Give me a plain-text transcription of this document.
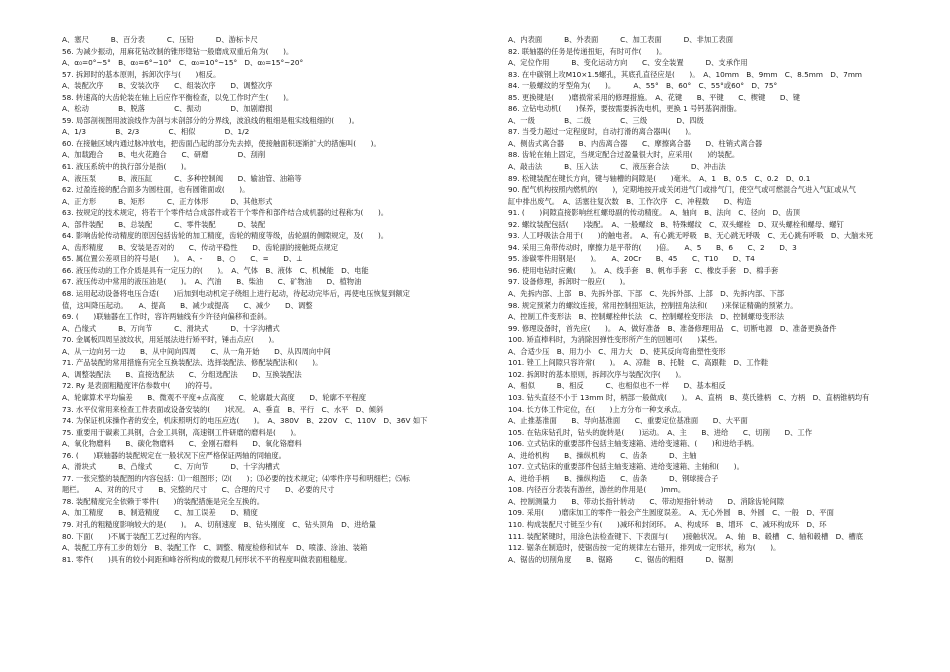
A、塞尺　　　B、百分表　　　C、压铅　　　D、游标卡尺
56. 为减少振动，用麻花钻改制的锥形锪钻一般磨成双重后角为(　　)。
A、α₀=0°~5°　B、α₀=6°~10°　C、α₀=10°~15°　D、α₀=15°~20°
57. 拆卸时的基本原则，拆卸次序与(　　)相反。
A、装配次序　　B、安装次序　　C、组装次序　　D、调整次序
58. 转速高的大齿轮装在轴上后应作平衡检查，以免工作时产生(　　)。
A、松动　　　　B、脱落　　　　C、振动　　　　D、加剧磨损
59. 局部剖视图用波浪线作为剖与未剖部分的分界线，波浪线的粗细是粗实线粗细的(　　)。
A、1/3　　　　B、2/3　　　　C、相似　　　　D、1/2
60. 在接触区域内通过脉冲放电，把齿面凸起的部分先去掉，使接触面积逐渐扩大的措施叫(　　)。
A、加载跑合　　B、电火花跑合　　C、研磨　　　　D、刮削
61. 液压系统中的执行部分是指(　　)。
A、液压泵　　　B、液压缸　　　C、多种控制阀　　D、输油管、油箱等
62. 过盈连接的配合面多为圆柱面，也有圆锥面或(　　)。
A、正方形　　　B、矩形　　　C、正方体形　　　D、其他形式
63. 按规定的技术规定，将若干个零件结合成部件或若干个零件和部件结合成机器的过程称为(　　)。
A、部件装配　　B、总装配　　　C、零件装配　　　D、装配
64. 影响齿轮传动精度的原因包括齿轮的加工精度，齿轮的精度等级，齿轮副的侧隙规定，及(　　)。
A、齿形精度　　B、安装是否对的　　C、传动平稳性　　D、齿轮副的接触斑点规定
65. 属位置公差项目的符号是(　　)。　A、-　　B、○　　C、=　　D、⊥
66. 液压传动的工作介质是具有一定压力的(　　)。　A、气体　B、液体　C、机械能　D、电能
67. 液压传动中常用的液压油是(　　)。　A、汽油　　B、柴油　　C、矿物油　　D、植物油
68. 运用起动设备将电压合适(　　)后加到电动机定子绕组上进行起动，待起动完毕后，再使电压恢复到额定
值，这叫降压起动。　　A、提高　　B、减少或提高　　C、减少　　D、调整
69. (　　)联轴器在工作时，容许两轴线有少许径向偏移和歪斜。
A、凸缘式　　　B、万向节　　　C、滑块式　　　D、十字沟槽式
70. 金属板四周呈波纹状，用延展法进行矫平时，锤击点应(　　)。
A、从一边向另一边　　B、从中间向四周　　C、从一角开始　　D、从四周向中间
71. 产品装配的常用措施有完全互换装配法、选择装配法、修配装配法和(　　)。
A、调整装配法　　B、直接选配法　　C、分组选配法　　D、互换装配法
72. Ry 是表面粗糙度评估参数中(　　)的符号。
A、轮廓算术平均偏差　　B、微观不平度+点高度　　C、轮廓最大高度　　D、轮廓不平程度
73. 水平仪常用来检查工件表面或设备安装的(　　)状况。　A、垂直　B、平行　C、水平　D、倾斜
74. 为保证机床操作者的安全，机床照明灯的电压应选(　　)。　A、380V　B、220V　C、110V　D、36V 如下
75. 重要用于碳素工具钢，合金工具钢，高速钢工件研磨的磨料是(　　)。
A、氧化物磨料　　B、碳化物磨料　　C、金刚石磨料　　D、氧化铬磨料
76. (　　)联轴器的装配规定在一般状况下应严格保证两轴的同轴度。
A、滑块式　　　B、凸缘式　　　C、万向节　　　D、十字沟槽式
77. 一张完整的装配图的内容包括：⑴一组图形；⑵(　　)；⑶必要的技术规定；⑷零件序号和明细栏；⑸标
题栏。　　A、对的的尺寸　　B、完整的尺寸　　C、合理的尺寸　　D、必要的尺寸
78. 装配精度完全依赖于零件(　　)的装配措施是完全互换的。
A、加工精度　　B、制造精度　　C、加工误差　　D、精度
79. 对孔的粗糙度影响较大的是(　　)。　A、切削速度　B、钻头刚度　C、钻头顶角　D、进给量
80. 下面(　　)不属于装配工艺过程的内容。
A、装配工序有工步的划分　B、装配工作　C、调整、精度检修和试车　D、喷漆、涂油、装箱
81. 零件(　　)具有的较小间距和峰谷所构成的微观几何形状不平的程度叫做表面粗糙度。
A、内表面　　　B、外表面　　　C、加工表面　　　D、非加工表面
82. 联轴器的任务是传递扭矩，有时可作(　　)。
A、定位作用　　　B、变化运动方向　　C、安全装置　　　D、支承作用
83. 在中碳钢上攻M10×1.5螺孔，其底孔直径应是(　　)。　A、10mm　B、9mm　C、8.5mm　D、7mm
84. 一般螺纹的牙型角为(　　)。　　　A、55°　B、60°　C、55°或60°　D、75°
85. 更换键是(　　)磨损常采用的修理措施。　A、花键　　B、平键　　C、楔键　　D、键
86. 立钻电动机(　　)保养，要按需要拆洗电机，更换 1 号钙基润滑脂。
A、一级　　　　B、二级　　　　C、三级　　　　D、四级
87. 当受力超过一定程度时，自动打滑的离合器叫(　　)。
A、侧齿式离合器　　B、内齿离合器　　C、摩擦离合器　　D、柱销式离合器
88. 齿轮在轴上固定，当规定配合过盈量很大时，应采用(　　)的装配。
A、敲击法　　　B、压入法　　　C、液压套合法　　　D、冲击法
89. 松键装配在键长方向，键与轴槽的间隙是(　　)毫米。　A、1　B、0.5　C、0.2　D、0.1
90. 配气机构按照内燃机的(　　)，定期地按开或关闭进气门或排气门，使空气或可燃混合气进入气缸或从气
缸中排出废气。　A、活塞往复次数　B、工作次序　C、冲程数　　D、构造
91. (　　)间隙直接影响丝杠螺母副的传动精度。　A、轴向　B、法向　C、径向　D、齿顶
92. 螺纹装配包括(　　)装配。　A、一般螺纹　B、特殊螺纹　C、双头螺栓　D、双头螺栓和螺母、螺钉
93. 人工呼吸法合用于(　　)的触电者。　A、有心跳无呼吸　B、无心跳无呼吸　C、无心跳有呼吸　D、大脑未死
94. 采用三角带传动时，摩擦力是平带的(　　)倍。　　A、5　　B、6　　C、2　　D、3
95. 渗碳零件用钢是(　　)。　　A、20Cr　　B、45　　C、T10　　D、T4
96. 使用电钻时应戴(　　)。　A、线手套　B、帆布手套　C、橡皮手套　D、棉手套
97. 设备修理，拆卸时一般应(　　)。
A、先拆内部、上部　B、先拆外部、下部　C、先拆外部、上部　D、先拆内部、下部
98. 规定预紧力的螺纹连接，常用控制扭矩法，控制扭角法和(　　)来保证精确的预紧力。
A、控制工件变形法　B、控制螺栓伸长法　C、控制螺栓变形法　D、控制螺母变形法
99. 修理设备时，首先应(　　)。　A、做好准备　B、准备修理用品　C、切断电源　D、准备更换备件
100. 矫直棒料时，为消除因弹性变形所产生的回翘可(　　)某些。
A、合适少压　B、用力小　C、用力大　D、使其反向弯曲塑性变形
101. 锉工上间隙只容许常(　　)。　A、凉鞋　B、托鞋　C、高跟鞋　D、工作鞋
102. 拆卸时的基本原则，拆卸次序与装配次序(　　)。
A、相似　　　B、相反　　　C、也相似也不一样　　D、基本相反
103. 钻头直径不小于 13mm 时，柄部一般做成(　　)。　A、直柄　B、莫氏锥柄　C、方柄　D、直柄锥柄均有
104. 长方体工件定位，在(　　)上方分布一种支承点。
A、止推基准面　　B、导向基准面　　C、重要定位基准面　　D、大平面
105. 在钻床钻孔时，钻头的旋转是(　　)运动。　A、主　　B、进给　　C、切削　　D、工作
106. 立式钻床的重要部件包括主轴变速箱、进给变速箱、(　　)和进给手柄。
A、进给机构　　B、操纵机构　　C、齿条　　　D、主轴
107. 立式钻床的重要部件包括主轴变速箱、进给变速箱、主轴和(　　)。
A、进给手柄　　B、操纵构造　　C、齿条　　　D、钢球接合子
108. 内径百分表装有游丝，游丝的作用是(　　)mm。
A、控制测量力　　B、带动长指针转动　　C、带动短指针转动　　D、消除齿轮间隙
109. 采用(　　)磨床加工的零件一般会产生圆度误差。　A、无心外圆　B、外圆　C、一般　D、平面
110. 构成装配尺寸链至少有(　　)减环和封闭环。　A、构成环　B、增环　C、减环构成环　D、环
111. 装配紧键时，用涂色法检查键下、下表面与(　　)接触状况。　A、轴　B、毂槽　C、轴和毂槽　D、槽底
112. 锯条在制造时，使锯齿按一定的规律左右错开，排列成一定形状，称为(　　)。
A、锯齿的切削角度　　B、锯路　　　C、锯齿的粗细　　　D、锯割
